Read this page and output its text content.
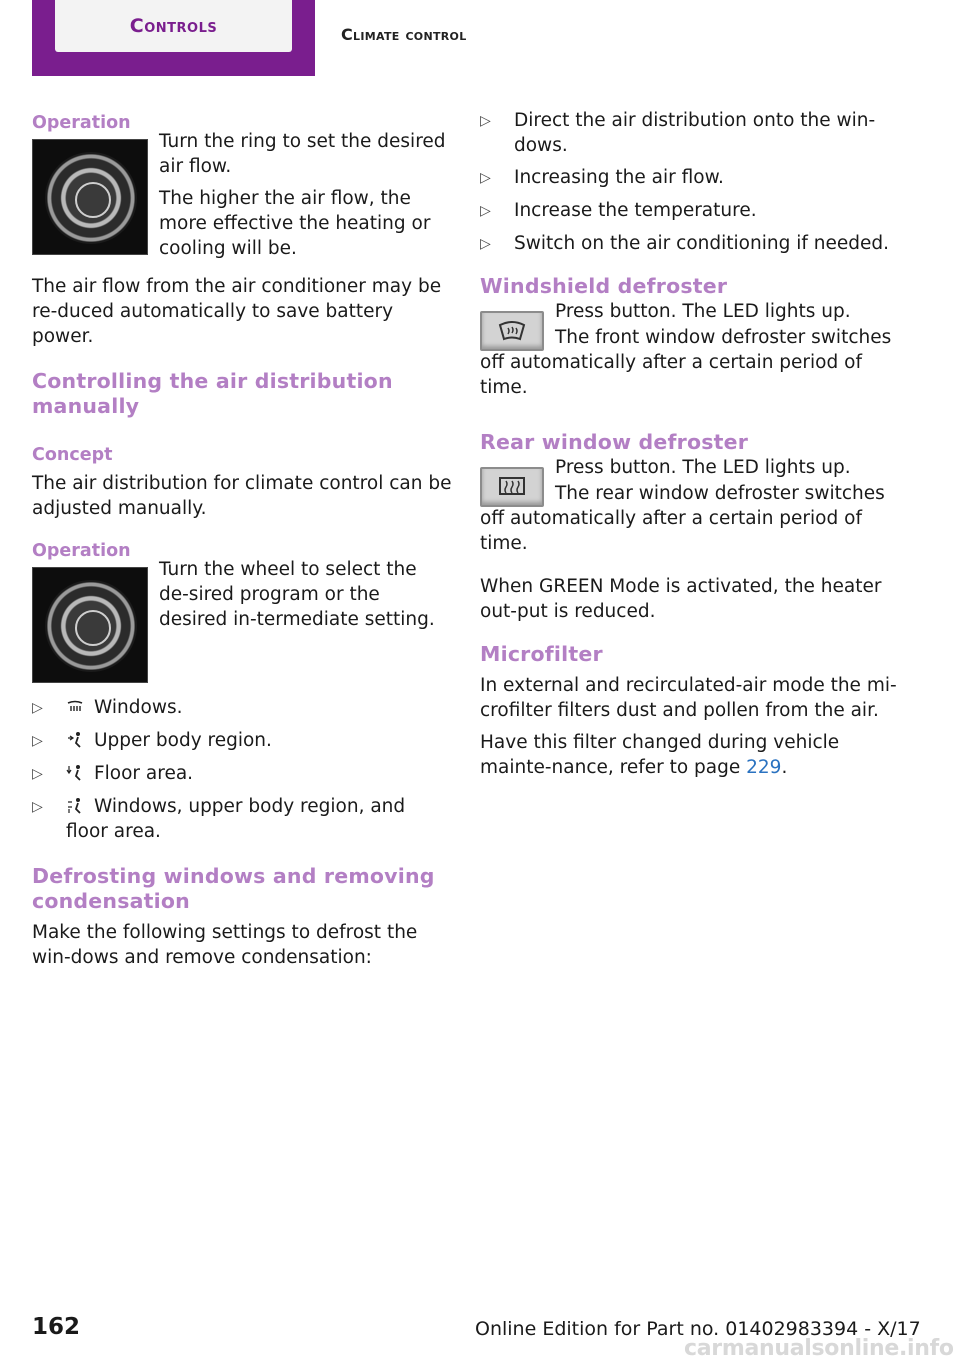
Controls	Climate control
Operation

Turn the ring to set the desired air flow.

The higher the air flow, the more effective the heating or cooling will be.

The air flow from the air conditioner may be re‐duced automatically to save battery power.

Controlling the air distribution manually
Concept

The air distribution for climate control can be adjusted manually.

Operation

Turn the wheel to select the de‐sired program or the desired in‐termediate setting.

▷	Windows.
▷	Upper body region.
▷	Floor area.
▷	Windows, upper body region, and floor area.
Defrosting windows and removing condensation

Make the following settings to defrost the win‐dows and remove condensation:

▷	Direct the air distribution onto the win‐dows.
▷	Increasing the air flow.
▷	Increase the temperature.
▷	Switch on the air conditioning if needed.
Windshield defroster

Press button. The LED lights up.

The front window defroster switches off automatically after a certain period of time.

Rear window defroster

Press button. The LED lights up.

The rear window defroster switches off automatically after a certain period of time.

When GREEN Mode is activated, the heater out‐put is reduced.

Microfilter

In external and recirculated-air mode the mi‐crofilter filters dust and pollen from the air.

Have this filter changed during vehicle mainte‐nance, refer to page 229.

162	Online Edition for Part no. 01402983394 - X/17
carmanualsonline.info
